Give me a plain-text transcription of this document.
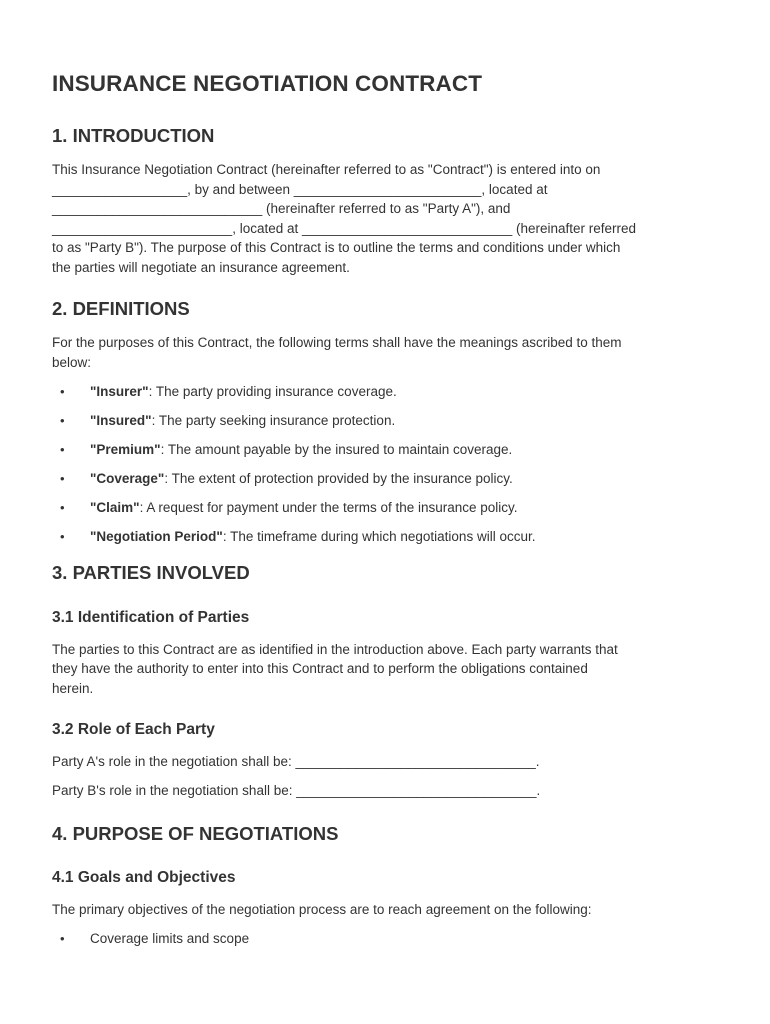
INSURANCE NEGOTIATION CONTRACT
1. INTRODUCTION

This Insurance Negotiation Contract (hereinafter referred to as "Contract") is entered into on

__________________, by and between _________________________, located at

____________________________ (hereinafter referred to as "Party A"), and

________________________, located at ____________________________ (hereinafter referred

to as "Party B"). The purpose of this Contract is to outline the terms and conditions under which

the parties will negotiate an insurance agreement.

2. DEFINITIONS

For the purposes of this Contract, the following terms shall have the meanings ascribed to them

below:

• "Insurer": The party providing insurance coverage.
• "Insured": The party seeking insurance protection.
• "Premium": The amount payable by the insured to maintain coverage.
• "Coverage": The extent of protection provided by the insurance policy.
• "Claim": A request for payment under the terms of the insurance policy.
• "Negotiation Period": The timeframe during which negotiations will occur.
3. PARTIES INVOLVED
3.1 Identification of Parties

The parties to this Contract are as identified in the introduction above. Each party warrants that

they have the authority to enter into this Contract and to perform the obligations contained

herein.

3.2 Role of Each Party

Party A's role in the negotiation shall be: ________________________________.

Party B's role in the negotiation shall be: ________________________________.

4. PURPOSE OF NEGOTIATIONS
4.1 Goals and Objectives

The primary objectives of the negotiation process are to reach agreement on the following:

• Coverage limits and scope
